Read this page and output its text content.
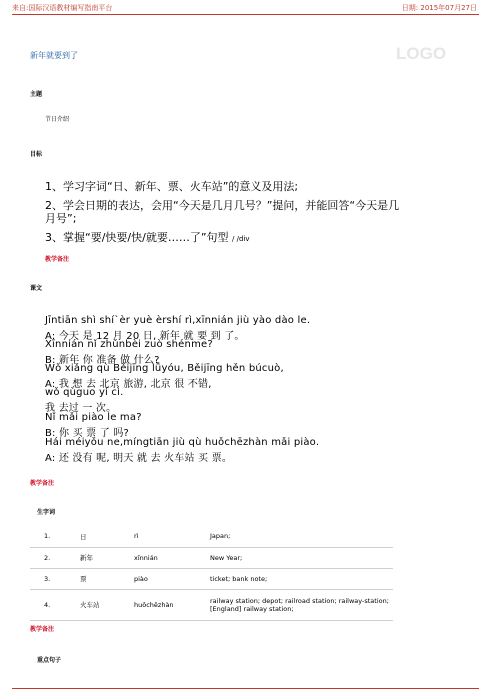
来自:国际汉语教材编写指南平台	日期: 2015年07月27日
新年就要到了	LOGO
主题
节日介绍
目标
1、学习字词“日、新年、票、火车站”的意义及用法;
2、学会日期的表达，会用“今天是几月几号？”提问，并能回答“今天是几
月号”;
3、掌握“要/快要/快/就要……了”句型 / /div
教学备注
课文
Jīntiān shì shí`èr yuè èrshí rì,xīnnián jiù yào dào le.
A: 今天 是 12 月 20 日, 新年 就 要 到 了。
Xīnnián nǐ zhǔnbèi zuò shénme?
B: 新年 你 准备 做 什么?
Wǒ xiǎng qù Běijīng lǚyóu, Běijīng hěn búcuò,
A: 我 想 去 北京 旅游, 北京 很 不错,
wǒ qùguo yí cì.
我 去过 一 次。
Nǐ mǎi piào le ma?
B: 你 买 票 了 吗?
Hái méiyǒu ne,míngtiān jiù qù huǒchēzhàn mǎi piào.
A: 还 没有 呢, 明天 就 去 火车站 买 票。
教学备注
生字词
1.	日	rì	Japan;
2.	新年	xīnnián	New Year;
3.	票	piào	ticket; bank note;
4.	火车站	huǒchēzhàn	railway station; depot; railroad station; railway-station;
[England] railway station;
教学备注
重点句子
